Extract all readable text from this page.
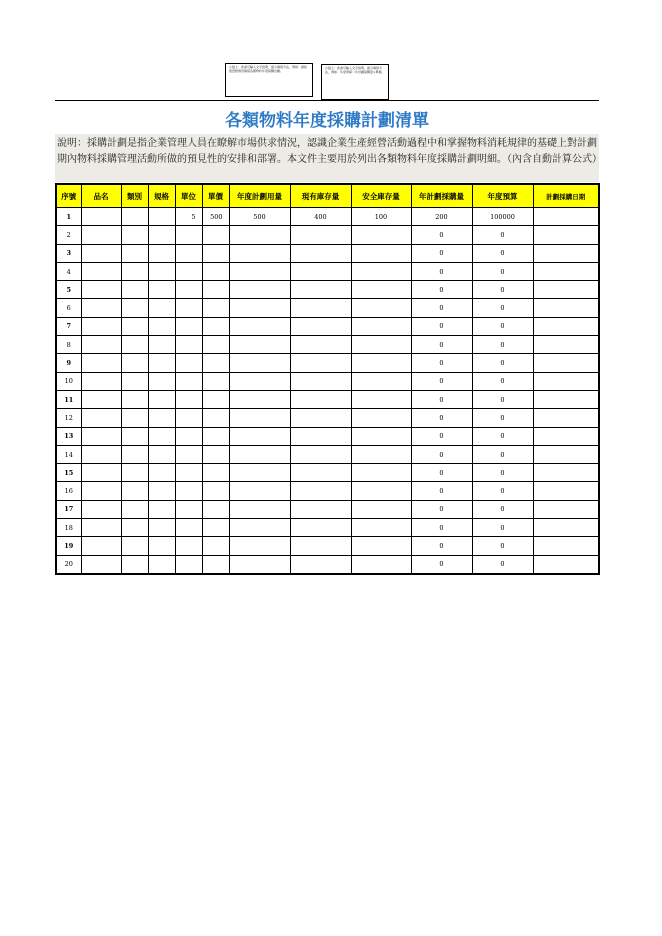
小貼士：此處可輸入文字說明，提示填寫方法，例如：請按照實際情況填寫各類物料年度採購計劃。
小貼士：此處可輸入文字說明，提示填寫方法，例如：年度預算＝年計劃採購量×單價。
各類物料年度採購計劃清單
說明：採購計劃是指企業管理人員在瞭解市場供求情況，認識企業生產經營活動過程中和掌握物料消耗規律的基礎上對計劃期內物料採購管理活動所做的預見性的安排和部署。本文件主要用於列出各類物料年度採購計劃明細。（內含自動計算公式）
序號	品名	類別	規格	單位	單價	年度計劃用量	現有庫存量	安全庫存量	年計劃採購量	年度預算	計劃採購日期
1				5	500	500	400	100	200	100000	
2									0	0	
3									0	0	
4									0	0	
5									0	0	
6									0	0	
7									0	0	
8									0	0	
9									0	0	
10									0	0	
11									0	0	
12									0	0	
13									0	0	
14									0	0	
15									0	0	
16									0	0	
17									0	0	
18									0	0	
19									0	0	
20									0	0	
